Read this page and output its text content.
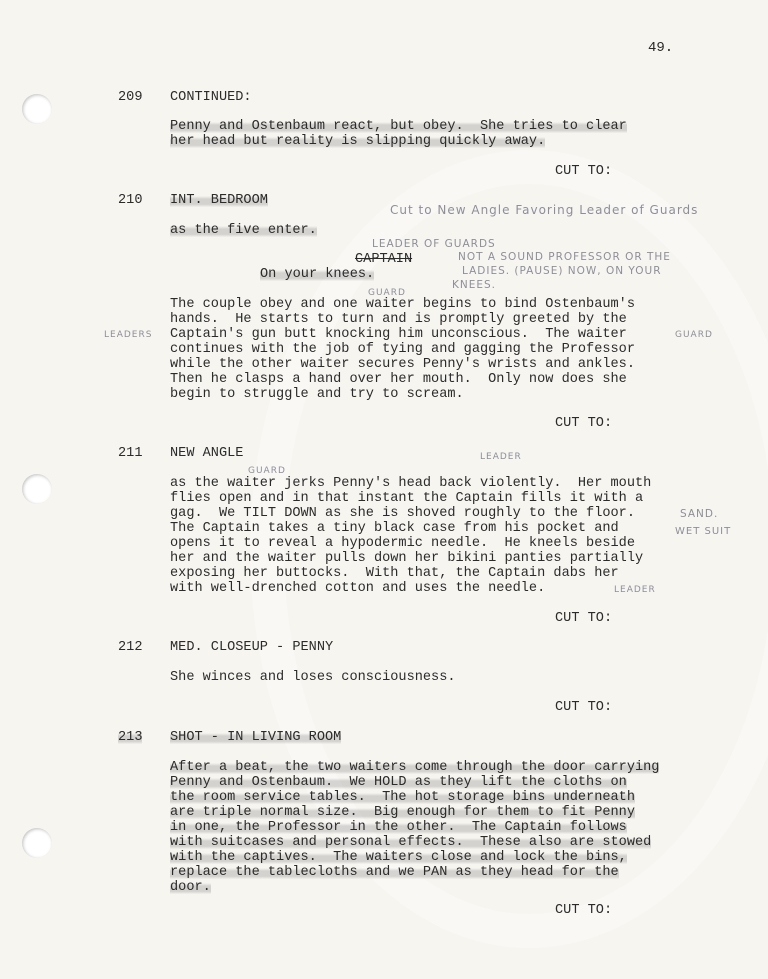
49.
209 CONTINUED:
Penny and Ostenbaum react, but obey.  She tries to clear
her head but reality is slipping quickly away.
CUT TO:
210 INT. BEDROOM
Cut to New Angle Favoring Leader of Guards
as the five enter.
LEADER OF GUARDS
CAPTAIN	NOT A SOUND PROFESSOR OR THE
LADIES. (PAUSE) NOW, ON YOUR
On your knees.
KNEES.
GUARD
The couple obey and one waiter begins to bind Ostenbaum's
hands.  He starts to turn and is promptly greeted by the
LEADERS Captain's gun butt knocking him unconscious.  The waiter	GUARD
continues with the job of tying and gagging the Professor
while the other waiter secures Penny's wrists and ankles.
Then he clasps a hand over her mouth.  Only now does she
begin to struggle and try to scream.
CUT TO:
211 NEW ANGLE	LEADER
GUARD
as the waiter jerks Penny's head back violently.  Her mouth
flies open and in that instant the Captain fills it with a
gag.  We TILT DOWN as she is shoved roughly to the floor.	SAND.
The Captain takes a tiny black case from his pocket and	WET SUIT
opens it to reveal a hypodermic needle.  He kneels beside
her and the waiter pulls down her bikini panties partially
exposing her buttocks.  With that, the Captain dabs her
with well-drenched cotton and uses the needle.	LEADER
CUT TO:
212 MED. CLOSEUP - PENNY
She winces and loses consciousness.
CUT TO:
213 SHOT - IN LIVING ROOM
After a beat, the two waiters come through the door carrying
Penny and Ostenbaum.  We HOLD as they lift the cloths on
the room service tables.  The hot storage bins underneath
are triple normal size.  Big enough for them to fit Penny
in one, the Professor in the other.  The Captain follows
with suitcases and personal effects.  These also are stowed
with the captives.  The waiters close and lock the bins,
replace the tablecloths and we PAN as they head for the
door.
CUT TO:
